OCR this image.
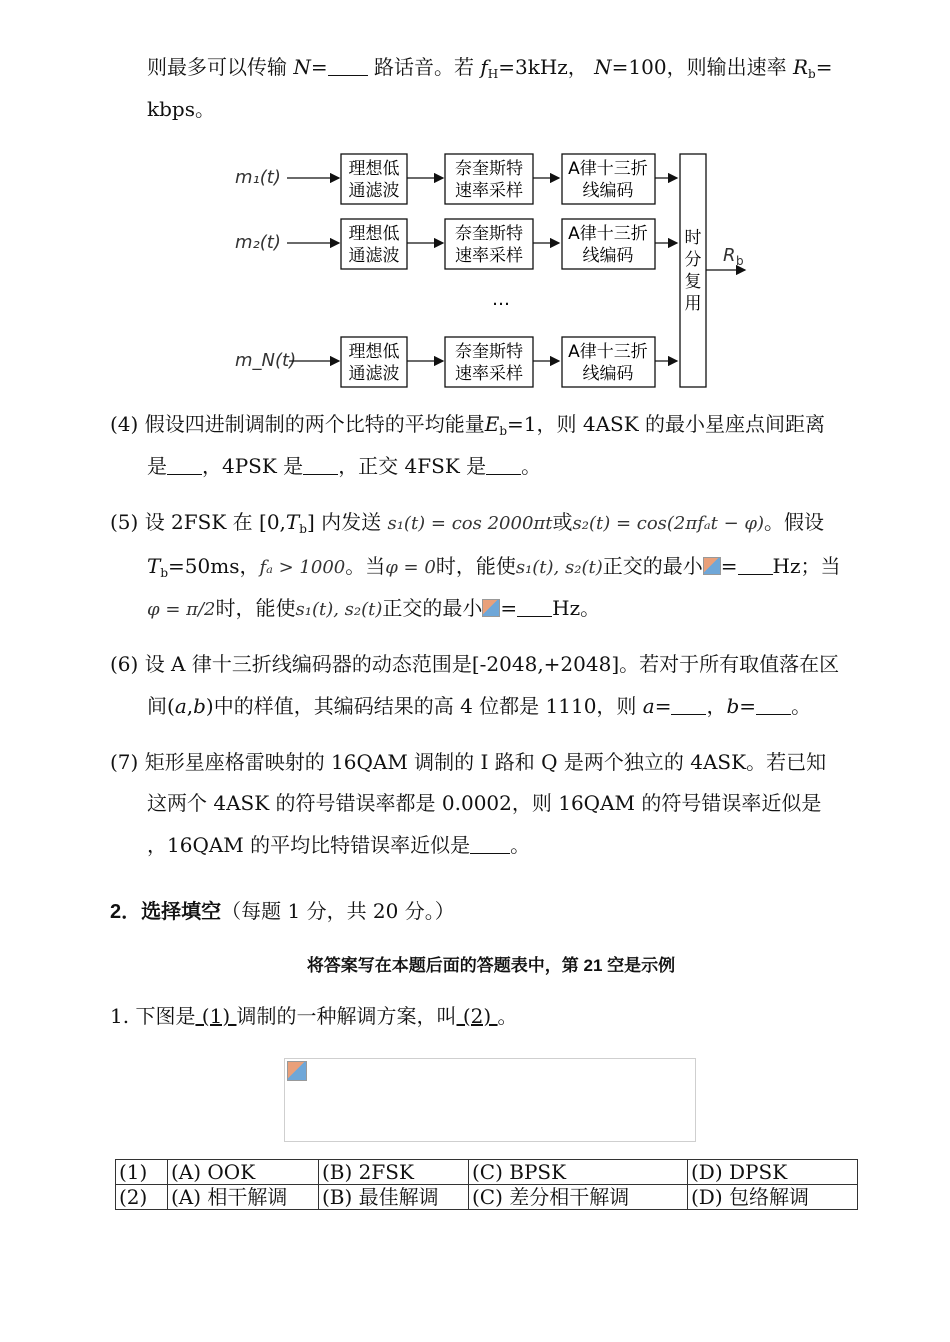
则最多可以传输 N= 路话音。若 $f_H=3kHz$， N=100，则输出速率 $R_b=$
kbps。
m₁(t)	理想低
通滤波
奈奎斯特
速率采样
A律十三折
线编码
m₂(t)	理想低
通滤波
奈奎斯特
速率采样
A律十三折
线编码
…
m_N(t)	理想低
通滤波
奈奎斯特
速率采样
A律十三折
线编码
时
分
复
用
R b
(4) 假设四进制调制的两个比特的平均能量$E_b=1$，则 4ASK 的最小星座点间距离
是 ，4PSK 是 ，正交 4FSK 是 。
(5) 设 2FSK 在 $[0,T_b]$ 内发送 s₁(t) = cos 2000πt或s₂(t) = cos(2πfₐt − φ)。假设
$T_b=50ms$，fₐ > 1000。当φ = 0时，能使s₁(t), s₂(t)正交的最小 = Hz；当
φ = π/2时，能使s₁(t), s₂(t)正交的最小 = Hz。
(6) 设 A 律十三折线编码器的动态范围是[-2048,+2048]。若对于所有取值落在区
间(a,b)中的样值，其编码结果的高 4 位都是 1110，则 a= ，b= 。
(7) 矩形星座格雷映射的 16QAM 调制的 I 路和 Q 是两个独立的 4ASK。若已知
这两个 4ASK 的符号错误率都是 0.0002，则 16QAM 的符号错误率近似是
，16QAM 的平均比特错误率近似是 。
2．选择填空（每题 1 分，共 20 分。）
将答案写在本题后面的答题表中，第 21 空是示例
1. 下图是 (1) 调制的一种解调方案，叫 (2) 。
(1)	(A) OOK	(B) 2FSK	(C) BPSK	(D) DPSK
(2)	(A) 相干解调	(B) 最佳解调	(C) 差分相干解调	(D) 包络解调
